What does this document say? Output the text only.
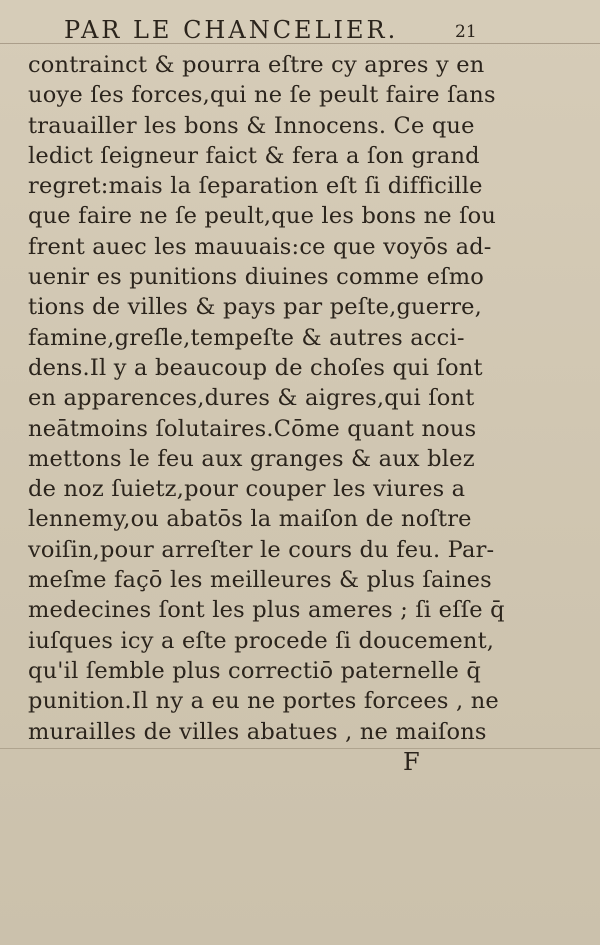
PAR LE CHANCELIER.	21
contrainct & pourra eſtre cy apres y en
uoye ſes forces,qui ne ſe peult faire ſans
trauailler les bons & Innocens. Ce que
ledict ſeigneur faict & fera a ſon grand
regret:mais la ſeparation eſt ſi difficille
que faire ne ſe peult,que les bons ne ſou
frent auec les mauuais:ce que voyōs ad-
uenir es punitions diuines comme eſmo
tions de villes & pays par peſte,guerre,
famine,greſle,tempeſte & autres acci-
dens.Il y a beaucoup de choſes qui ſont
en apparences,dures & aigres,qui ſont
neātmoins ſolutaires.Cōme quant nous
mettons le feu aux granges & aux blez
de noz ſuietz,pour couper les viures a
lennemy,ou abatōs la maiſon de noſtre
voiſin,pour arreſter le cours du feu. Par-
meſme façō les meilleures & plus ſaines
medecines ſont les plus ameres ; ſi eſſe q̄
iuſques icy a eſte procede ſi doucement,
qu'il ſemble plus correctiō paternelle q̄
punition.Il ny a eu ne portes forcees , ne
murailles de villes abatues , ne maiſons
F
